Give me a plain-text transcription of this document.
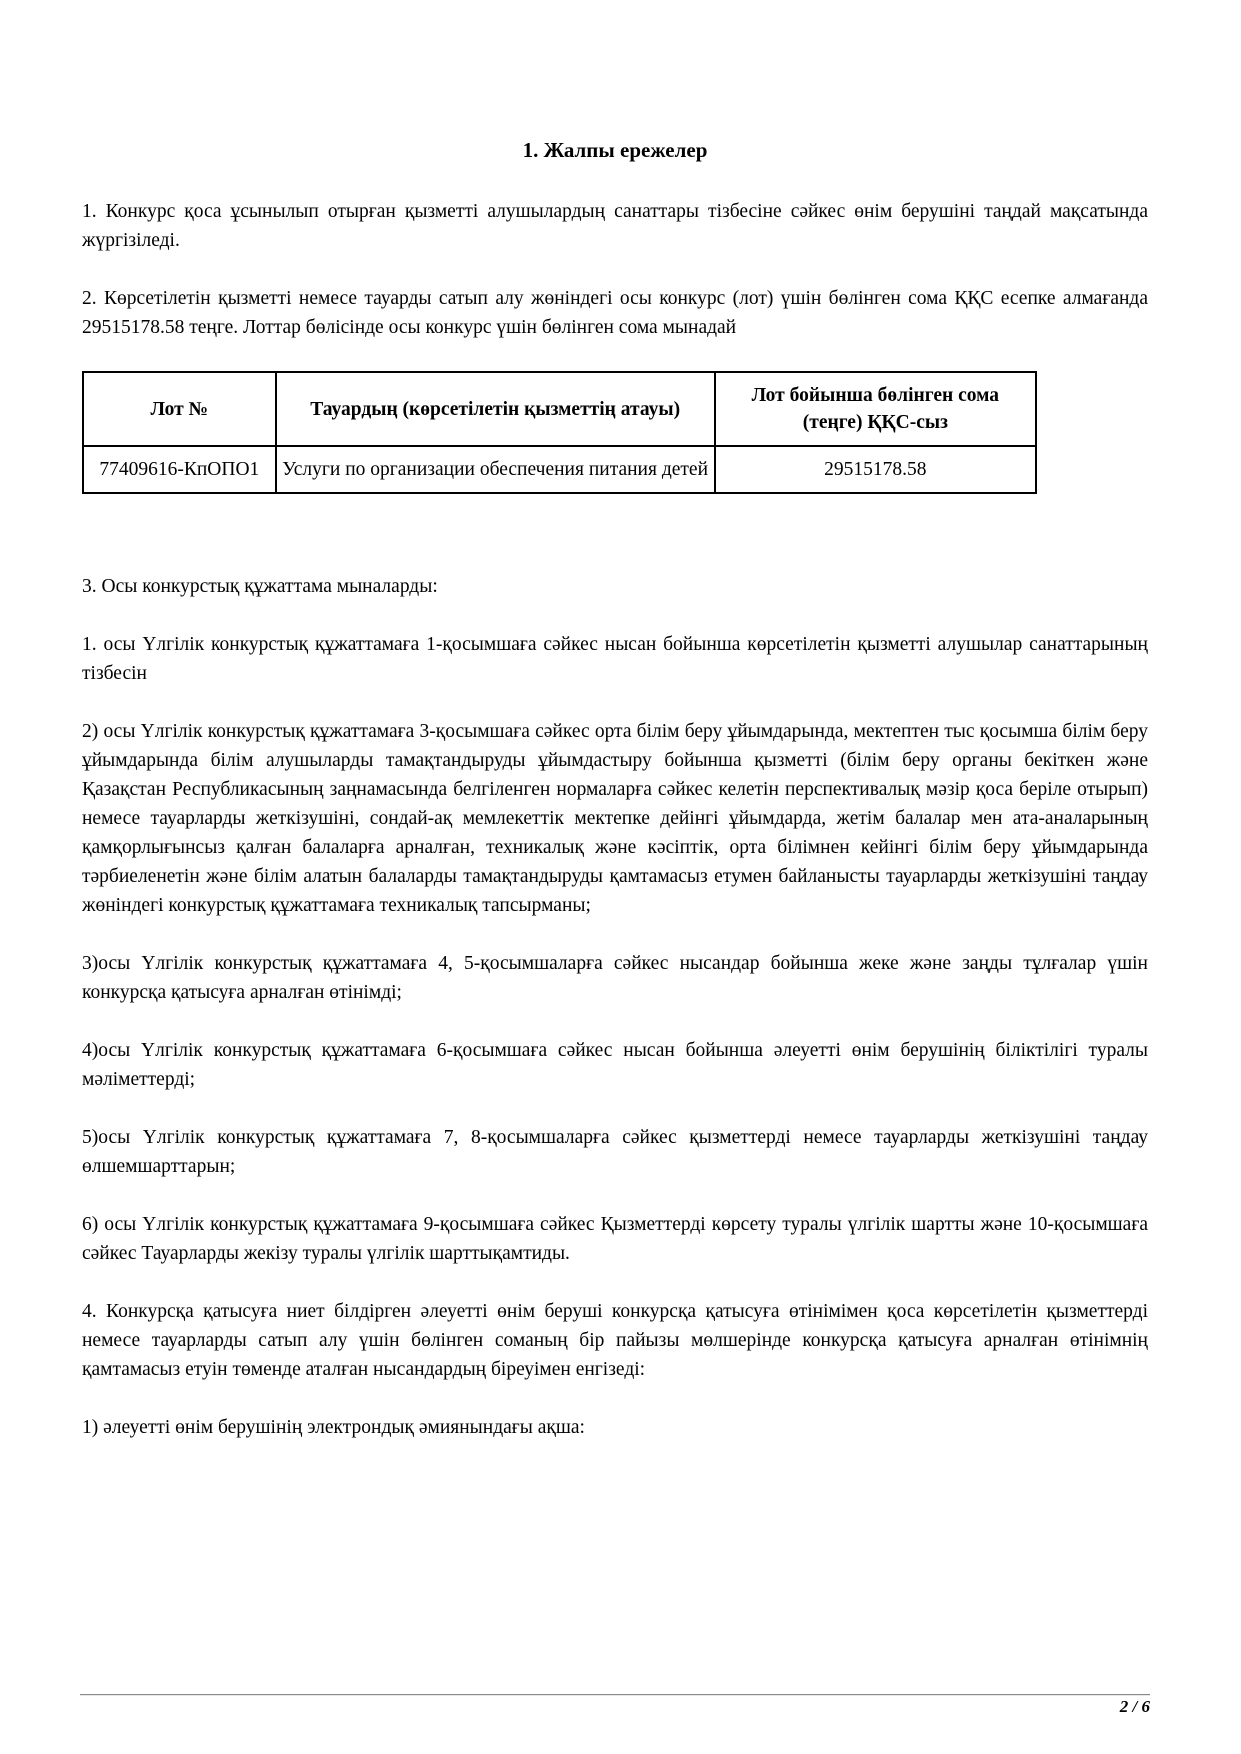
1. Жалпы ережелер

1. Конкурс қоса ұсынылып отырған қызметті алушылардың санаттары тізбесіне сәйкес өнім берушіні таңдай мақсатында жүргізіледі.

2. Көрсетілетін қызметті немесе тауарды сатып алу жөніндегі осы конкурс (лот) үшін бөлінген сома ҚҚС есепке алмағанда 29515178.58 теңге. Лоттар бөлісінде осы конкурс үшін бөлінген сома мынадай

Лот №	Тауардың (көрсетілетін қызметтің атауы)	Лот бойынша бөлінген сома (теңге) ҚҚС-сыз
77409616-КпОПО1	Услуги по организации обеспечения питания детей	29515178.58

3. Осы конкурстық құжаттама мыналарды:

1. осы Үлгілік конкурстық құжаттамаға 1-қосымшаға сәйкес нысан бойынша көрсетілетін қызметті алушылар санаттарының тізбесін

2) осы Үлгілік конкурстық құжаттамаға 3-қосымшаға сәйкес орта білім беру ұйымдарында, мектептен тыс қосымша білім беру ұйымдарында білім алушыларды тамақтандыруды ұйымдастыру бойынша қызметті (білім беру органы бекіткен және Қазақстан Республикасының заңнамасында белгіленген нормаларға сәйкес келетін перспективалық мәзір қоса беріле отырып) немесе тауарларды жеткізушіні, сондай-ақ мемлекеттік мектепке дейінгі ұйымдарда, жетім балалар мен ата-аналарының қамқорлығынсыз қалған балаларға арналған, техникалық және кәсіптік, орта білімнен кейінгі білім беру ұйымдарында тәрбиеленетін және білім алатын балаларды тамақтандыруды қамтамасыз етумен байланысты тауарларды жеткізушіні таңдау жөніндегі конкурстық құжаттамаға техникалық тапсырманы;

3)осы Үлгілік конкурстық құжаттамаға 4, 5-қосымшаларға сәйкес нысандар бойынша жеке және заңды тұлғалар үшін конкурсқа қатысуға арналған өтінімді;

4)осы Үлгілік конкурстық құжаттамаға 6-қосымшаға сәйкес нысан бойынша әлеуетті өнім берушінің біліктілігі туралы мәліметтерді;

5)осы Үлгілік конкурстық құжаттамаға 7, 8-қосымшаларға сәйкес қызметтерді немесе тауарларды жеткізушіні таңдау өлшемшарттарын;

6) осы Үлгілік конкурстық құжаттамаға 9-қосымшаға сәйкес Қызметтерді көрсету туралы үлгілік шартты және 10-қосымшаға сәйкес Тауарларды жекізу туралы үлгілік шарттықамтиды.

4. Конкурсқа қатысуға ниет білдірген әлеуетті өнім беруші конкурсқа қатысуға өтінімімен қоса көрсетілетін қызметтерді немесе тауарларды сатып алу үшін бөлінген соманың бір пайызы мөлшерінде конкурсқа қатысуға арналған өтінімнің қамтамасыз етуін төменде аталған нысандардың біреуімен енгізеді:

1) әлеуетті өнім берушінің электрондық әмиянындағы ақша:

2 / 6
